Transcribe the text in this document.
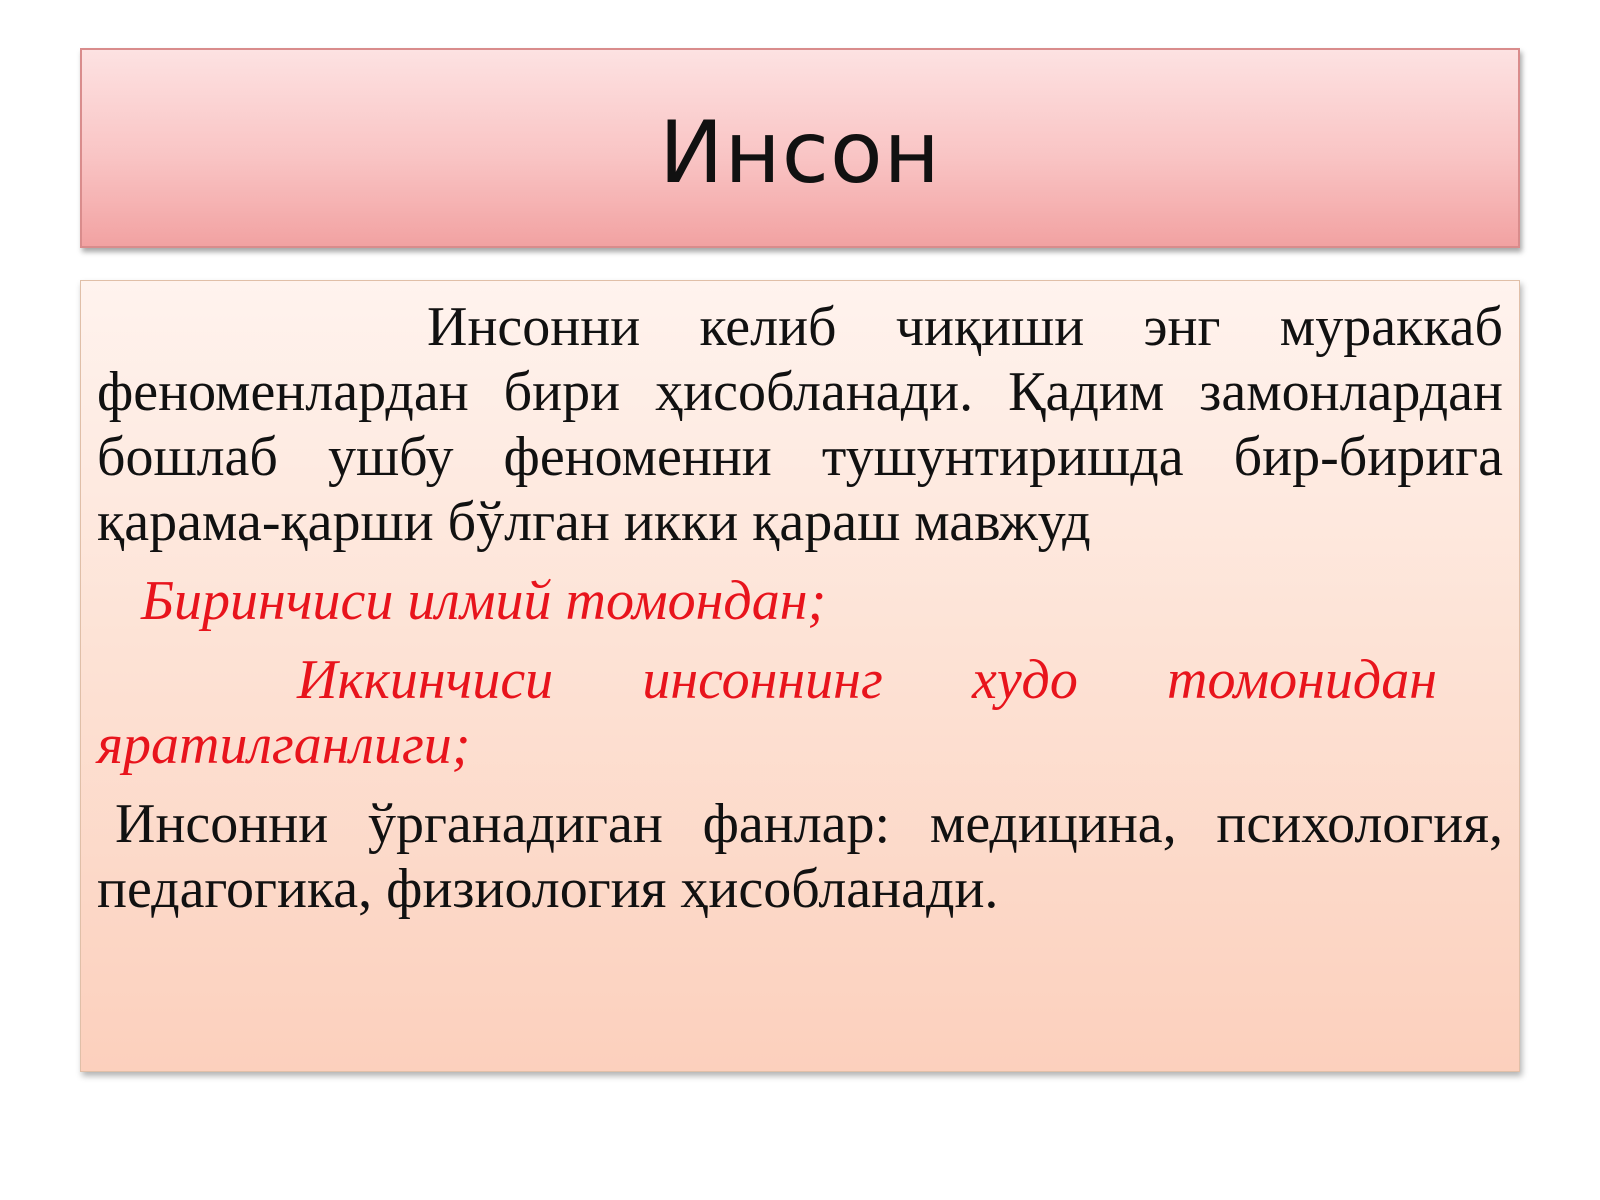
Инсон

Инсонни келиб чиқиши энг мураккаб феноменлардан бири ҳисобланади. Қадим замонлардан бошлаб ушбу феноменни тушунтиришда бир-бирига қарама-қарши бўлган икки қараш мавжуд

Биринчиси илмий томондан;

Иккинчиси инсоннинг худо томонидан яратилганлиги;

Инсонни ўрганадиган фанлар: медицина, психология, педагогика, физиология ҳисобланади.
